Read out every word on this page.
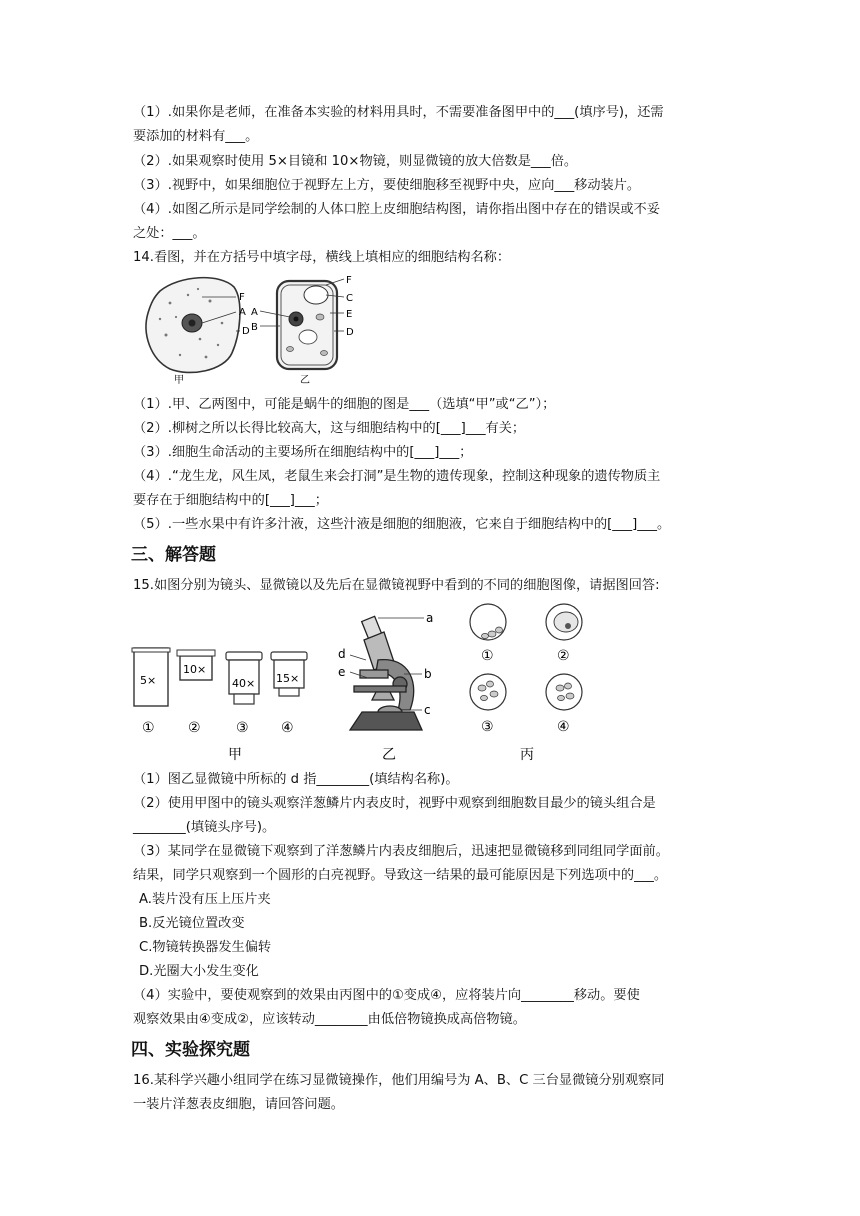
（1）.如果你是老师，在准备本实验的材料用具时，不需要准备图甲中的___(填序号)，还需
要添加的材料有___。
（2）.如果观察时使用 5×目镜和 10×物镜，则显微镜的放大倍数是___倍。
（3）.视野中，如果细胞位于视野左上方，要使细胞移至视野中央，应向___移动装片。
（4）.如图乙所示是同学绘制的人体口腔上皮细胞结构图，请你指出图中存在的错误或不妥
之处：___。
14.看图，并在方括号中填字母，横线上填相应的细胞结构名称：
F
A
D
甲
A
B
F
C
E
D
乙
（1）.甲、乙两图中，可能是蜗牛的细胞的图是___（选填“甲”或“乙”）；
（2）.柳树之所以长得比较高大，这与细胞结构中的[___]___有关；
（3）.细胞生命活动的主要场所在细胞结构中的[___]___；
（4）.“龙生龙，风生凤，老鼠生来会打洞”是生物的遗传现象，控制这种现象的遗传物质主
要存在于细胞结构中的[___]___；
（5）.一些水果中有许多汁液，这些汁液是细胞的细胞液，它来自于细胞结构中的[___]___。
三、解答题
15.如图分别为镜头、显微镜以及先后在显微镜视野中看到的不同的细胞图像，请据图回答:
5×
10×
40× 15×
① ②	③ ④
甲
a
d
e	b
c
乙
①	②
③	④
丙
（1）图乙显微镜中所标的 d 指________(填结构名称)。
（2）使用甲图中的镜头观察洋葱鳞片内表皮时，视野中观察到细胞数目最少的镜头组合是
________(填镜头序号)。
（3）某同学在显微镜下观察到了洋葱鳞片内表皮细胞后，迅速把显微镜移到同组同学面前。
结果，同学只观察到一个圆形的白亮视野。导致这一结果的最可能原因是下列选项中的___。
A.装片没有压上压片夹
B.反光镜位置改变
C.物镜转换器发生偏转
D.光圈大小发生变化
（4）实验中，要使观察到的效果由丙图中的①变成④，应将装片向________移动。要使
观察效果由④变成②，应该转动________由低倍物镜换成高倍物镜。
四、实验探究题
16.某科学兴趣小组同学在练习显微镜操作，他们用编号为 A、B、C 三台显微镜分别观察同
一装片洋葱表皮细胞，请回答问题。
